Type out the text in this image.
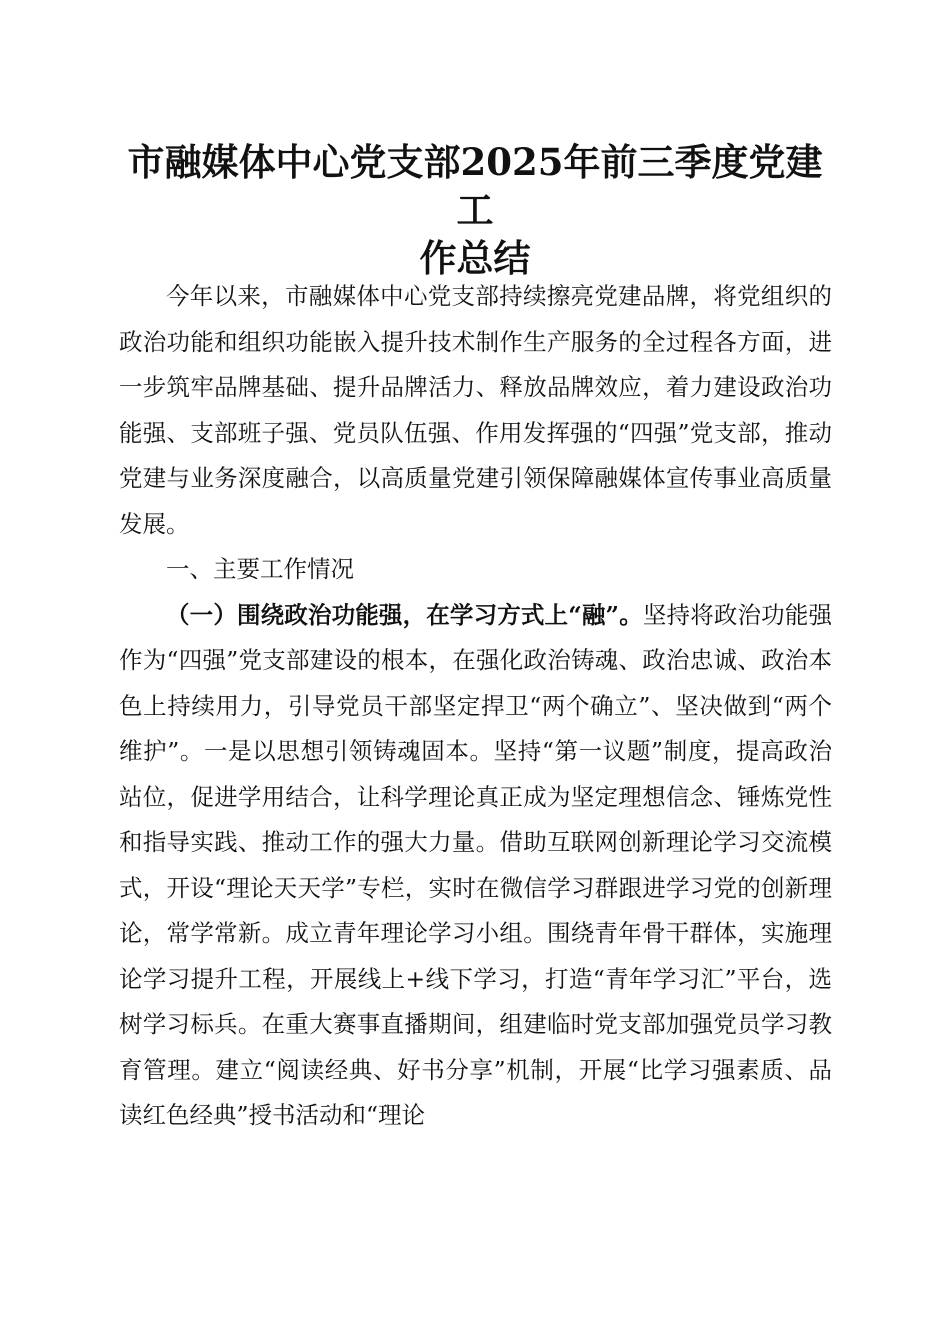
市融媒体中心党支部2025年前三季度党建工
作总结

今年以来，市融媒体中心党支部持续擦亮党建品牌，将党组织的政治功能和组织功能嵌入提升技术制作生产服务的全过程各方面，进一步筑牢品牌基础、提升品牌活力、释放品牌效应，着力建设政治功能强、支部班子强、党员队伍强、作用发挥强的“四强”党支部，推动党建与业务深度融合，以高质量党建引领保障融媒体宣传事业高质量发展。

一、主要工作情况

（一）围绕政治功能强，在学习方式上“融”。坚持将政治功能强作为“四强”党支部建设的根本，在强化政治铸魂、政治忠诚、政治本色上持续用力，引导党员干部坚定捍卫“两个确立”、坚决做到“两个维护”。一是以思想引领铸魂固本。坚持“第一议题”制度，提高政治站位，促进学用结合，让科学理论真正成为坚定理想信念、锤炼党性和指导实践、推动工作的强大力量。借助互联网创新理论学习交流模式，开设“理论天天学”专栏，实时在微信学习群跟进学习党的创新理论，常学常新。成立青年理论学习小组。围绕青年骨干群体，实施理论学习提升工程，开展线上+线下学习，打造“青年学习汇”平台，选树学习标兵。在重大赛事直播期间，组建临时党支部加强党员学习教育管理。建立“阅读经典、好书分享”机制，开展“比学习强素质、品读红色经典”授书活动和“理论
